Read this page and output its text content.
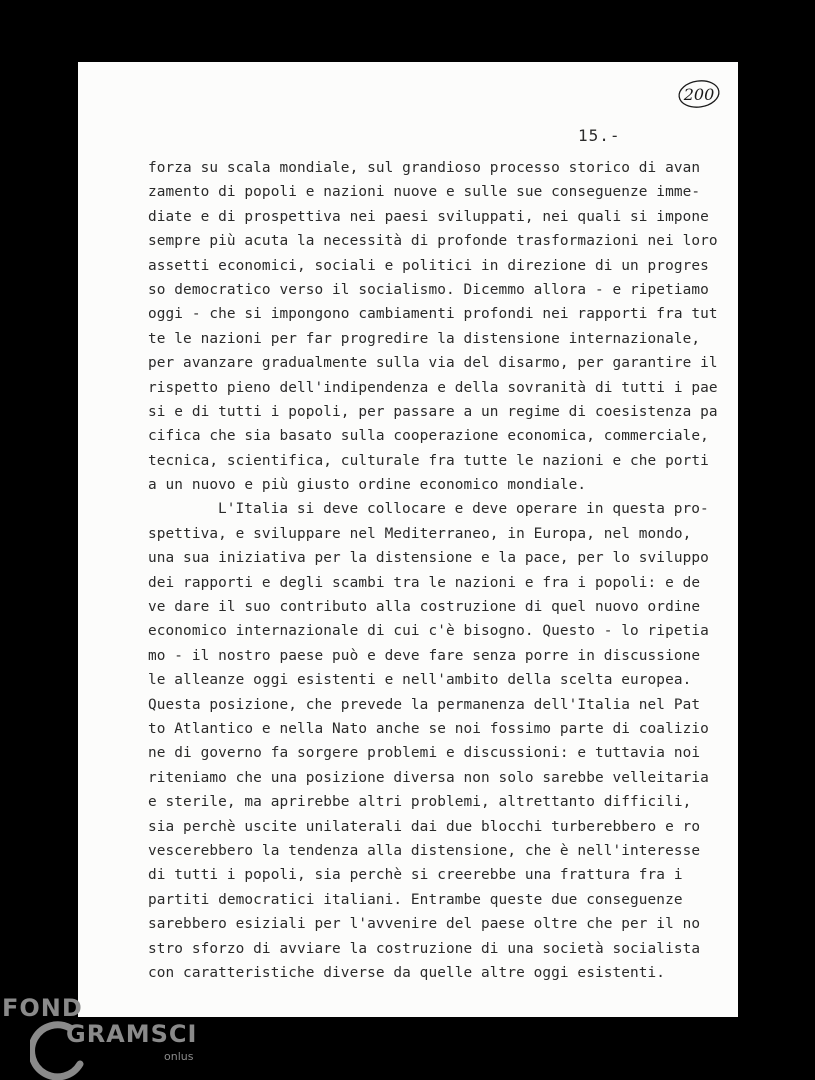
200
15.-
forza su scala mondiale, sul grandioso processo storico di avan
zamento di popoli e nazioni nuove e sulle sue conseguenze imme-
diate e di prospettiva nei paesi sviluppati, nei quali si impone
sempre più acuta la necessità di profonde trasformazioni nei loro
assetti economici, sociali e politici in direzione di un progres
so democratico verso il socialismo. Dicemmo allora - e ripetiamo
oggi - che si impongono cambiamenti profondi nei rapporti fra tut
te le nazioni per far progredire la distensione internazionale,
per avanzare gradualmente sulla via del disarmo, per garantire il
rispetto pieno dell'indipendenza e della sovranità di tutti i pae
si e di tutti i popoli, per passare a un regime di coesistenza pa
cifica che sia basato sulla cooperazione economica, commerciale,
tecnica, scientifica, culturale fra tutte le nazioni e che porti
a un nuovo e più giusto ordine economico mondiale.
L'Italia si deve collocare e deve operare in questa pro-
spettiva, e sviluppare nel Mediterraneo, in Europa, nel mondo,
una sua iniziativa per la distensione e la pace, per lo sviluppo
dei rapporti e degli scambi tra le nazioni e fra i popoli: e de
ve dare il suo contributo alla costruzione di quel nuovo ordine
economico internazionale di cui c'è bisogno. Questo - lo ripetia
mo - il nostro paese può e deve fare senza porre in discussione
le alleanze oggi esistenti e nell'ambito della scelta europea.
Questa posizione, che prevede la permanenza dell'Italia nel Pat
to Atlantico e nella Nato anche se noi fossimo parte di coalizio
ne di governo fa sorgere problemi e discussioni: e tuttavia noi
riteniamo che una posizione diversa non solo sarebbe velleitaria
e sterile, ma aprirebbe altri problemi, altrettanto difficili,
sia perchè uscite unilaterali dai due blocchi turberebbero e ro
vescerebbero la tendenza alla distensione, che è nell'interesse
di tutti i popoli, sia perchè si creerebbe una frattura fra i
partiti democratici italiani. Entrambe queste due conseguenze
sarebbero esiziali per l'avvenire del paese oltre che per il no
stro sforzo di avviare la costruzione di una società socialista
con caratteristiche diverse da quelle altre oggi esistenti.
FOND
GRAMSCI
onlus
